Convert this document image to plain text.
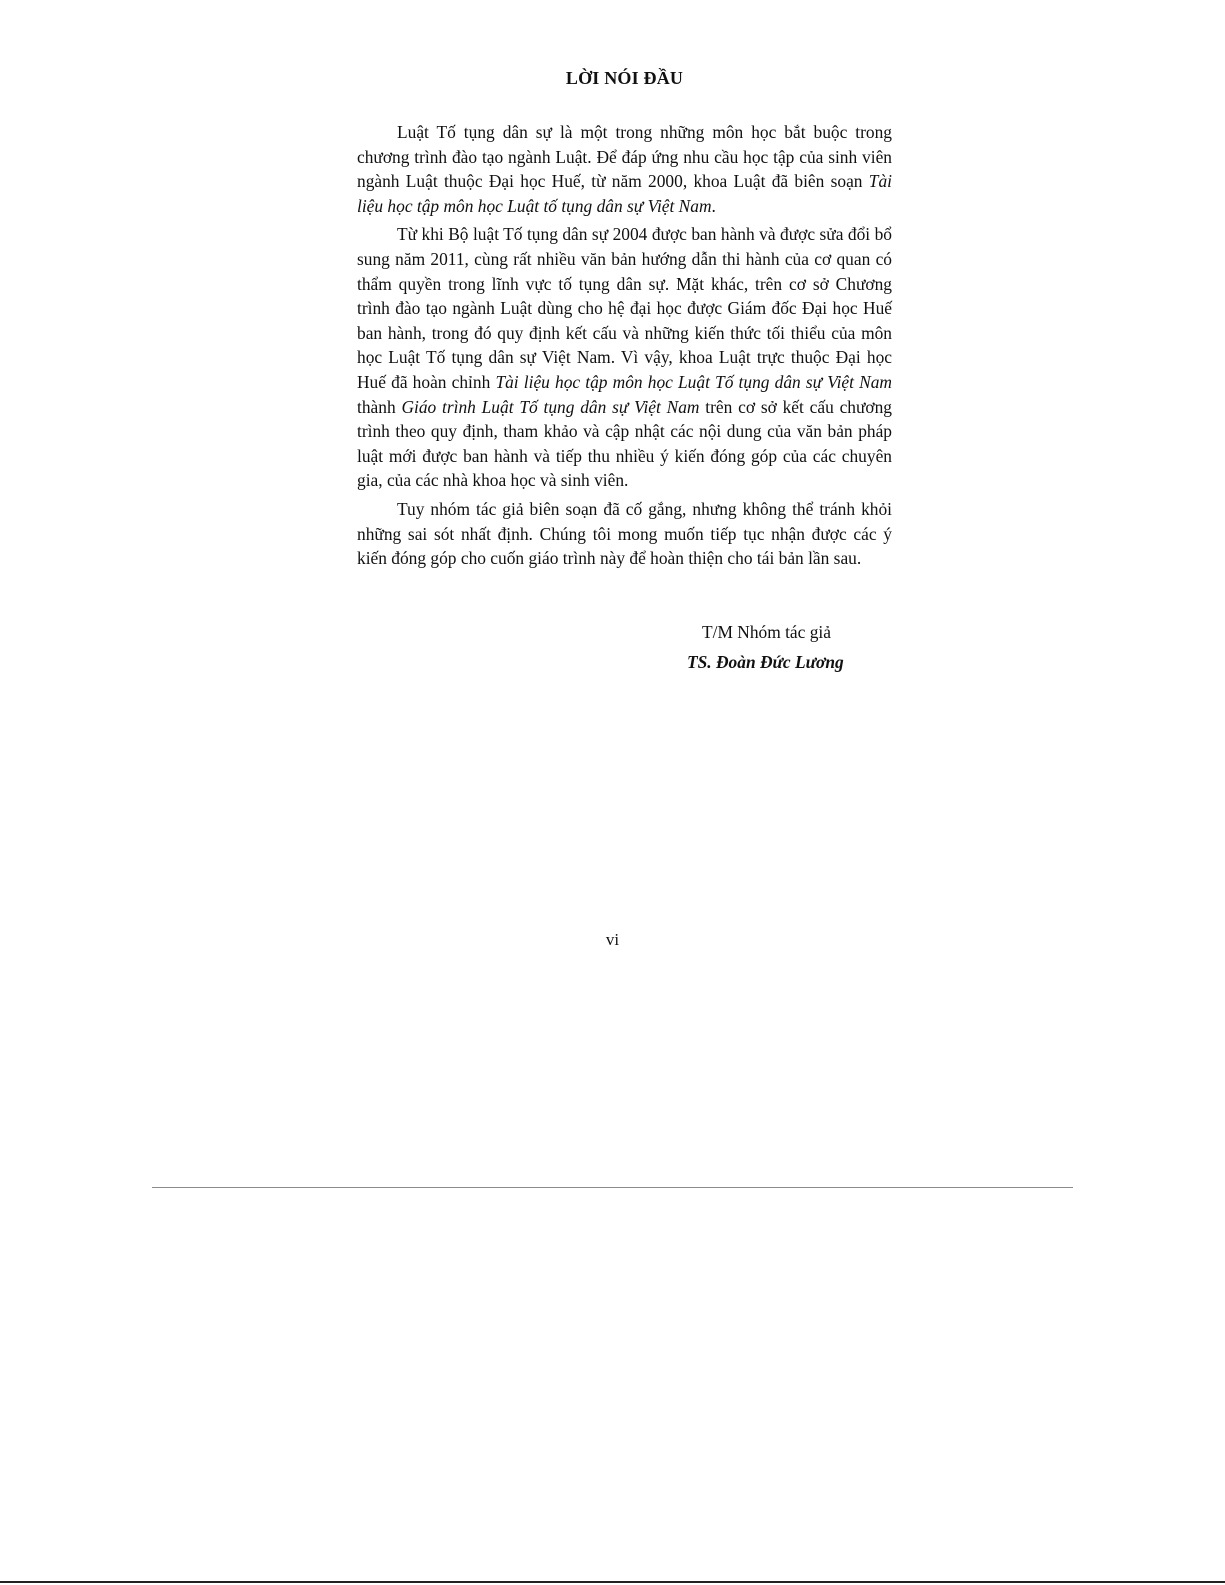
LỜI NÓI ĐẦU

Luật Tố tụng dân sự là một trong những môn học bắt buộc trong chương trình đào tạo ngành Luật. Để đáp ứng nhu cầu học tập của sinh viên ngành Luật thuộc Đại học Huế, từ năm 2000, khoa Luật đã biên soạn Tài liệu học tập môn học Luật tố tụng dân sự Việt Nam.

Từ khi Bộ luật Tố tụng dân sự 2004 được ban hành và được sửa đổi bổ sung năm 2011, cùng rất nhiều văn bản hướng dẫn thi hành của cơ quan có thẩm quyền trong lĩnh vực tố tụng dân sự. Mặt khác, trên cơ sở Chương trình đào tạo ngành Luật dùng cho hệ đại học được Giám đốc Đại học Huế ban hành, trong đó quy định kết cấu và những kiến thức tối thiểu của môn học Luật Tố tụng dân sự Việt Nam. Vì vậy, khoa Luật trực thuộc Đại học Huế đã hoàn chỉnh Tài liệu học tập môn học Luật Tố tụng dân sự Việt Nam thành Giáo trình Luật Tố tụng dân sự Việt Nam trên cơ sở kết cấu chương trình theo quy định, tham khảo và cập nhật các nội dung của văn bản pháp luật mới được ban hành và tiếp thu nhiều ý kiến đóng góp của các chuyên gia, của các nhà khoa học và sinh viên.

Tuy nhóm tác giả biên soạn đã cố gắng, nhưng không thể tránh khỏi những sai sót nhất định. Chúng tôi mong muốn tiếp tục nhận được các ý kiến đóng góp cho cuốn giáo trình này để hoàn thiện cho tái bản lần sau.

T/M Nhóm tác giả
TS. Đoàn Đức Lương
vi
